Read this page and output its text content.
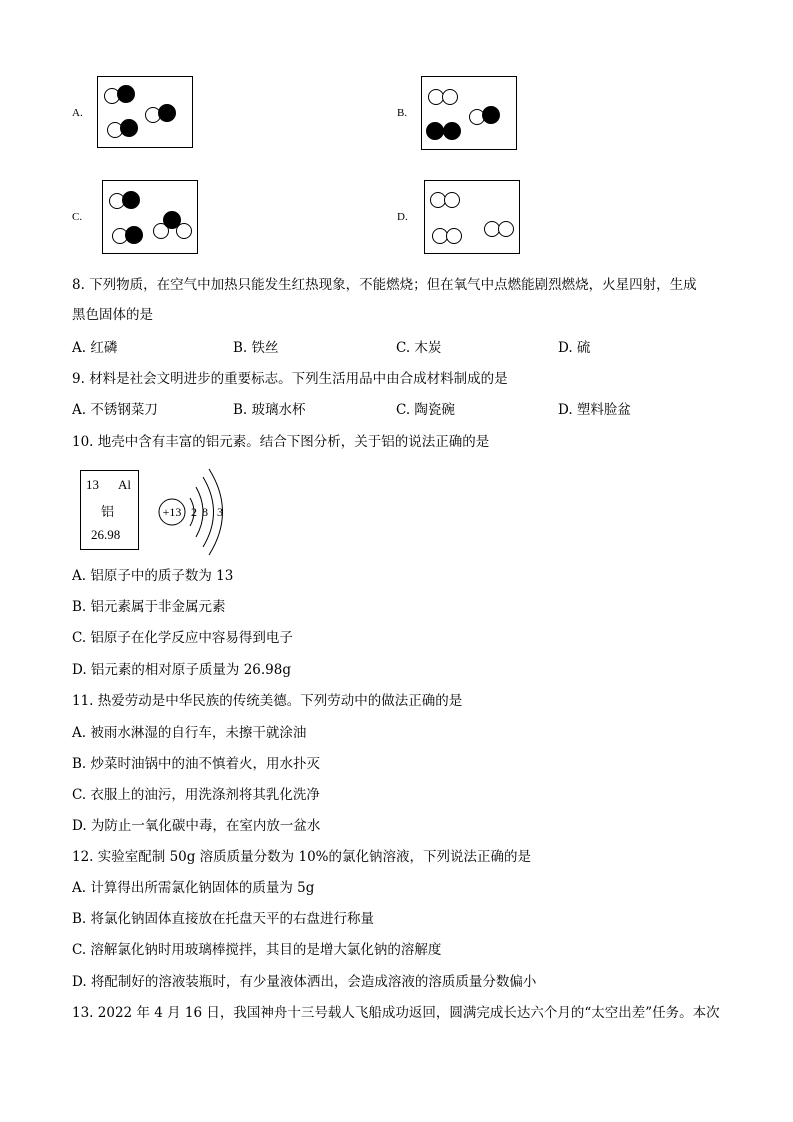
A.	B.
C.	D.
8. 下列物质，在空气中加热只能发生红热现象，不能燃烧；但在氧气中点燃能剧烈燃烧，火星四射，生成
黑色固体的是
A. 红磷	B. 铁丝	C. 木炭	D. 硫
9. 材料是社会文明进步的重要标志。下列生活用品中由合成材料制成的是
A. 不锈钢菜刀	B. 玻璃水杯	C. 陶瓷碗	D. 塑料脸盆
10. 地壳中含有丰富的铝元素。结合下图分析，关于铝的说法正确的是
13 Al
铝
26.98
+13 2 8 3
A. 铝原子中的质子数为 13
B. 铝元素属于非金属元素
C. 铝原子在化学反应中容易得到电子
D. 铝元素的相对原子质量为 26.98g
11. 热爱劳动是中华民族的传统美德。下列劳动中的做法正确的是
A. 被雨水淋湿的自行车，未擦干就涂油
B. 炒菜时油锅中的油不慎着火，用水扑灭
C. 衣服上的油污，用洗涤剂将其乳化洗净
D. 为防止一氧化碳中毒，在室内放一盆水
12. 实验室配制 50g 溶质质量分数为 10%的氯化钠溶液，下列说法正确的是
A. 计算得出所需氯化钠固体的质量为 5g
B. 将氯化钠固体直接放在托盘天平的右盘进行称量
C. 溶解氯化钠时用玻璃棒搅拌，其目的是增大氯化钠的溶解度
D. 将配制好的溶液装瓶时，有少量液体洒出，会造成溶液的溶质质量分数偏小
13. 2022 年 4 月 16 日，我国神舟十三号载人飞船成功返回，圆满完成长达六个月的“太空出差”任务。本次
